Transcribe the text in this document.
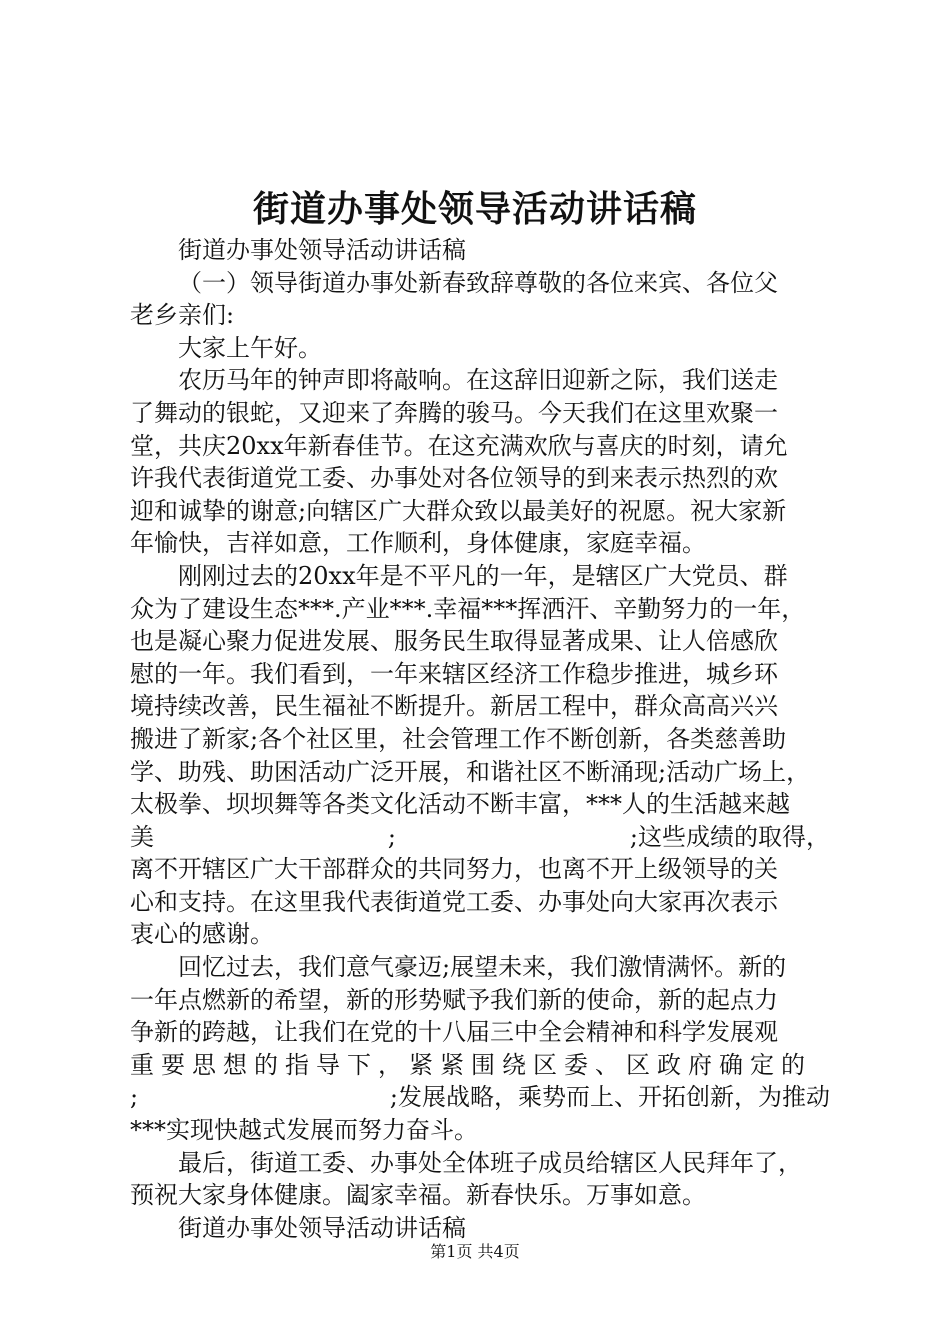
街道办事处领导活动讲话稿
街道办事处领导活动讲话稿
（一）领导街道办事处新春致辞尊敬的各位来宾、各位父
老乡亲们:
大家上午好。
农历马年的钟声即将敲响。在这辞旧迎新之际，我们送走
了舞动的银蛇，又迎来了奔腾的骏马。今天我们在这里欢聚一
堂，共庆20xx年新春佳节。在这充满欢欣与喜庆的时刻，请允
许我代表街道党工委、办事处对各位领导的到来表示热烈的欢
迎和诚挚的谢意;向辖区广大群众致以最美好的祝愿。祝大家新
年愉快，吉祥如意，工作顺利，身体健康，家庭幸福。
刚刚过去的20xx年是不平凡的一年，是辖区广大党员、群
众为了建设生态***.产业***.幸福***挥洒汗、辛勤努力的一年，
也是凝心聚力促进发展、服务民生取得显著成果、让人倍感欣
慰的一年。我们看到，一年来辖区经济工作稳步推进，城乡环
境持续改善，民生福祉不断提升。新居工程中，群众高高兴兴
搬进了新家;各个社区里，社会管理工作不断创新，各类慈善助
学、助残、助困活动广泛开展，和谐社区不断涌现;活动广场上，
太极拳、坝坝舞等各类文化活动不断丰富，***人的生活越来越
美	;	;这些成绩的取得，
离不开辖区广大干部群众的共同努力，也离不开上级领导的关
心和支持。在这里我代表街道党工委、办事处向大家再次表示
衷心的感谢。
回忆过去，我们意气豪迈;展望未来，我们激情满怀。新的
一年点燃新的希望，新的形势赋予我们新的使命，新的起点力
争新的跨越，让我们在党的十八届三中全会精神和科学发展观
重要思想的指导下，紧紧围绕区委、区政府确定的
;	;发展战略，乘势而上、开拓创新，为推动
***实现快越式发展而努力奋斗。
最后，街道工委、办事处全体班子成员给辖区人民拜年了，
预祝大家身体健康。阖家幸福。新春快乐。万事如意。
街道办事处领导活动讲话稿
第1页 共4页
